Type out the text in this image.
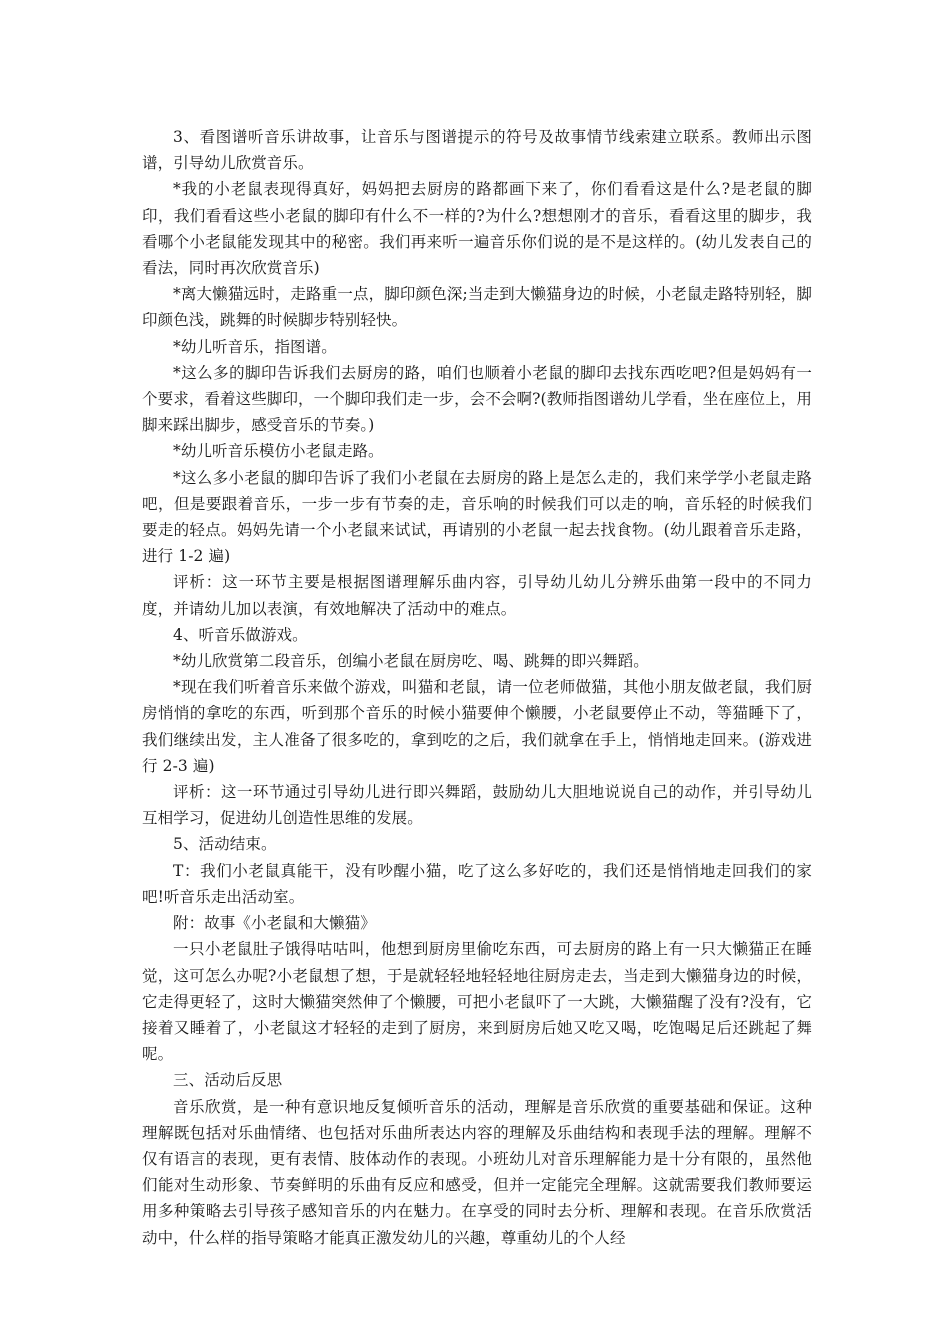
3、看图谱听音乐讲故事，让音乐与图谱提示的符号及故事情节线索建立联系。教师出示图谱，引导幼儿欣赏音乐。

*我的小老鼠表现得真好，妈妈把去厨房的路都画下来了，你们看看这是什么?是老鼠的脚印，我们看看这些小老鼠的脚印有什么不一样的?为什么?想想刚才的音乐，看看这里的脚步，我看哪个小老鼠能发现其中的秘密。我们再来听一遍音乐你们说的是不是这样的。(幼儿发表自己的看法，同时再次欣赏音乐)

*离大懒猫远时，走路重一点，脚印颜色深;当走到大懒猫身边的时候，小老鼠走路特别轻，脚印颜色浅，跳舞的时候脚步特别轻快。

*幼儿听音乐，指图谱。

*这么多的脚印告诉我们去厨房的路，咱们也顺着小老鼠的脚印去找东西吃吧?但是妈妈有一个要求，看着这些脚印，一个脚印我们走一步，会不会啊?(教师指图谱幼儿学看，坐在座位上，用脚来踩出脚步，感受音乐的节奏。)

*幼儿听音乐模仿小老鼠走路。

*这么多小老鼠的脚印告诉了我们小老鼠在去厨房的路上是怎么走的，我们来学学小老鼠走路吧，但是要跟着音乐，一步一步有节奏的走，音乐响的时候我们可以走的响，音乐轻的时候我们要走的轻点。妈妈先请一个小老鼠来试试，再请别的小老鼠一起去找食物。(幼儿跟着音乐走路，进行 1-2 遍)

评析：这一环节主要是根据图谱理解乐曲内容，引导幼儿幼儿分辨乐曲第一段中的不同力度，并请幼儿加以表演，有效地解决了活动中的难点。

4、听音乐做游戏。

*幼儿欣赏第二段音乐，创编小老鼠在厨房吃、喝、跳舞的即兴舞蹈。

*现在我们听着音乐来做个游戏，叫猫和老鼠，请一位老师做猫，其他小朋友做老鼠，我们厨房悄悄的拿吃的东西，听到那个音乐的时候小猫要伸个懒腰，小老鼠要停止不动，等猫睡下了，我们继续出发，主人准备了很多吃的，拿到吃的之后，我们就拿在手上，悄悄地走回来。(游戏进行 2-3 遍)

评析：这一环节通过引导幼儿进行即兴舞蹈，鼓励幼儿大胆地说说自己的动作，并引导幼儿互相学习，促进幼儿创造性思维的发展。

5、活动结束。

T：我们小老鼠真能干，没有吵醒小猫，吃了这么多好吃的，我们还是悄悄地走回我们的家吧!听音乐走出活动室。

附：故事《小老鼠和大懒猫》

一只小老鼠肚子饿得咕咕叫，他想到厨房里偷吃东西，可去厨房的路上有一只大懒猫正在睡觉，这可怎么办呢?小老鼠想了想，于是就轻轻地轻轻地往厨房走去，当走到大懒猫身边的时候，它走得更轻了，这时大懒猫突然伸了个懒腰，可把小老鼠吓了一大跳，大懒猫醒了没有?没有，它接着又睡着了，小老鼠这才轻轻的走到了厨房，来到厨房后她又吃又喝，吃饱喝足后还跳起了舞呢。

三、活动后反思

音乐欣赏，是一种有意识地反复倾听音乐的活动，理解是音乐欣赏的重要基础和保证。这种理解既包括对乐曲情绪、也包括对乐曲所表达内容的理解及乐曲结构和表现手法的理解。理解不仅有语言的表现，更有表情、肢体动作的表现。小班幼儿对音乐理解能力是十分有限的，虽然他们能对生动形象、节奏鲜明的乐曲有反应和感受，但并一定能完全理解。这就需要我们教师要运用多种策略去引导孩子感知音乐的内在魅力。在享受的同时去分析、理解和表现。在音乐欣赏活动中，什么样的指导策略才能真正激发幼儿的兴趣，尊重幼儿的个人经
